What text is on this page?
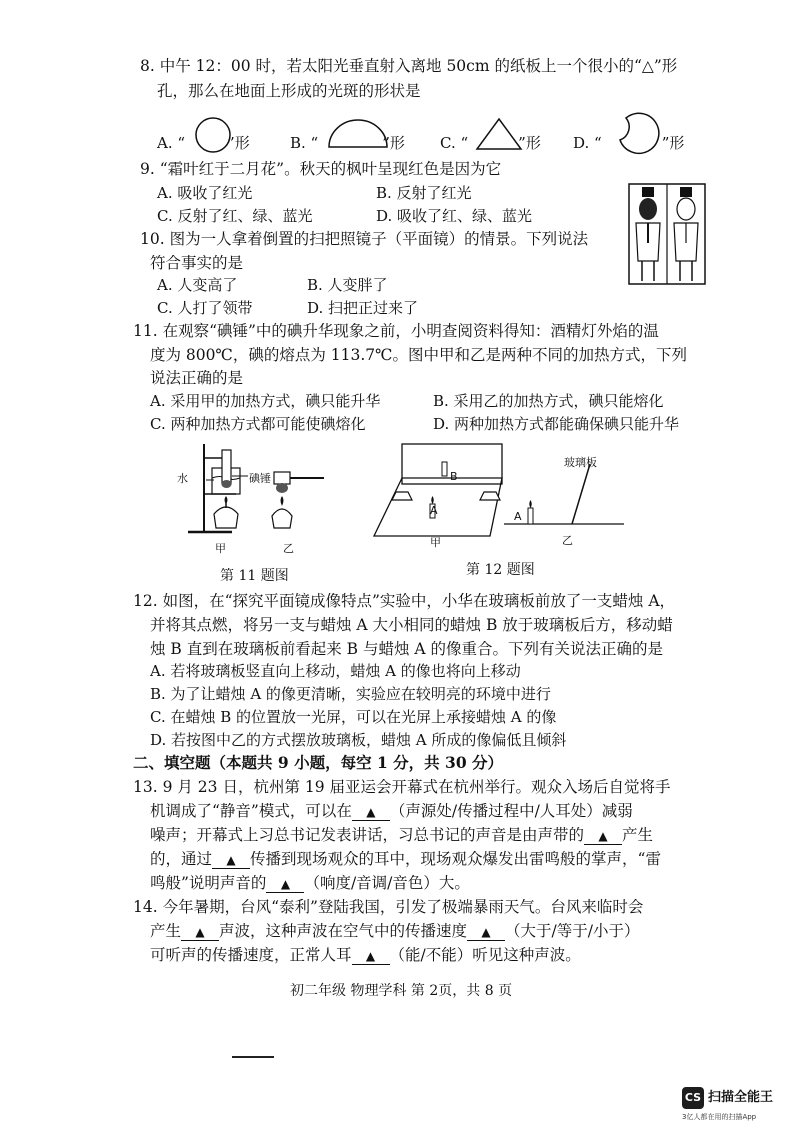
8. 中午 12：00 时，若太阳光垂直射入离地 50cm 的纸板上一个很小的“△”形
孔，那么在地面上形成的光斑的形状是
A. “	”形	B. “	”形 C. “	”形 D. “	”形
9. “霜叶红于二月花”。秋天的枫叶呈现红色是因为它
A. 吸收了红光	B. 反射了红光
C. 反射了红、绿、蓝光	D. 吸收了红、绿、蓝光
10. 图为一人拿着倒置的扫把照镜子（平面镜）的情景。下列说法
符合事实的是
A. 人变高了	B. 人变胖了
C. 人打了领带	D. 扫把正过来了
11. 在观察“碘锤”中的碘升华现象之前，小明查阅资料得知：酒精灯外焰的温
度为 800℃，碘的熔点为 113.7℃。图中甲和乙是两种不同的加热方式，下列
说法正确的是
A. 采用甲的加热方式，碘只能升华	B. 采用乙的加热方式，碘只能熔化
C. 两种加热方式都可能使碘熔化	D. 两种加热方式都能确保碘只能升华
水	碘锤
甲	乙
第 11 题图
A
B
A
玻璃板
甲	乙
第 12 题图
12. 如图，在“探究平面镜成像特点”实验中，小华在玻璃板前放了一支蜡烛 A，
并将其点燃，将另一支与蜡烛 A 大小相同的蜡烛 B 放于玻璃板后方，移动蜡
烛 B 直到在玻璃板前看起来 B 与蜡烛 A 的像重合。下列有关说法正确的是
A. 若将玻璃板竖直向上移动，蜡烛 A 的像也将向上移动
B. 为了让蜡烛 A 的像更清晰，实验应在较明亮的环境中进行
C. 在蜡烛 B 的位置放一光屏，可以在光屏上承接蜡烛 A 的像
D. 若按图中乙的方式摆放玻璃板，蜡烛 A 所成的像偏低且倾斜
二、填空题（本题共 9 小题，每空 1 分，共 30 分）
13. 9 月 23 日，杭州第 19 届亚运会开幕式在杭州举行。观众入场后自觉将手
机调成了“静音”模式，可以在 ▲ （声源处/传播过程中/人耳处）减弱
噪声；开幕式上习总书记发表讲话，习总书记的声音是由声带的 ▲ 产生
的，通过 ▲ 传播到现场观众的耳中，现场观众爆发出雷鸣般的掌声，“雷
鸣般”说明声音的 ▲ （响度/音调/音色）大。
14. 今年暑期，台风“泰利”登陆我国，引发了极端暴雨天气。台风来临时会
产生 ▲ 声波，这种声波在空气中的传播速度 ▲ （大于/等于/小于）
可听声的传播速度，正常人耳 ▲ （能/不能）听见这种声波。
初二年级 物理学科 第 2页，共 8 页
CS 扫描全能王
3亿人都在用的扫描App
